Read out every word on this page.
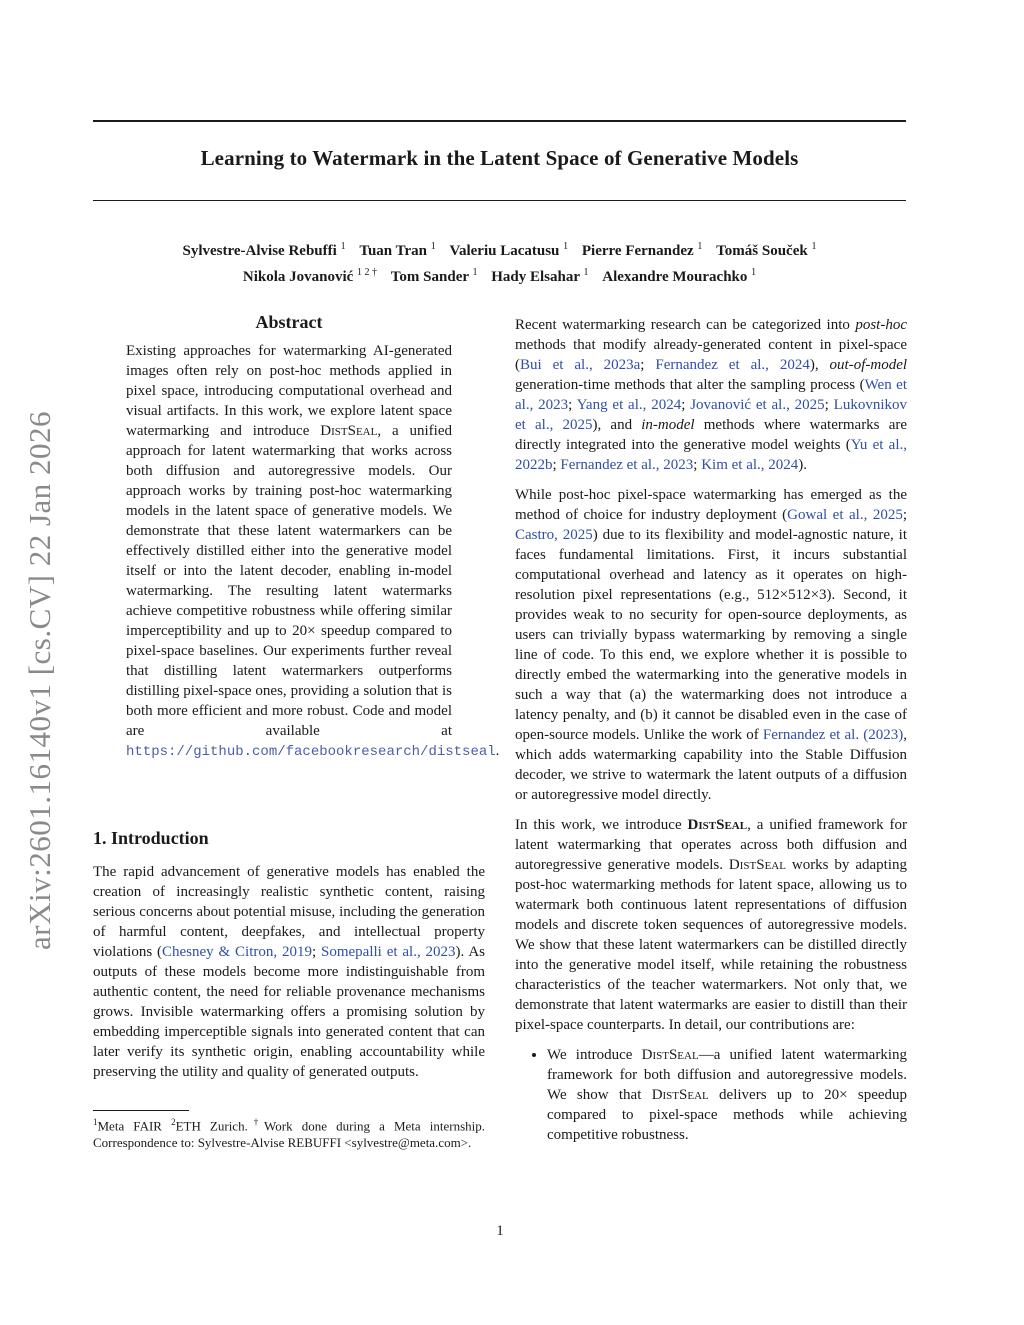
Learning to Watermark in the Latent Space of Generative Models
Sylvestre-Alvise Rebuffi $^1$ Tuan Tran $^1$ Valeriu Lacatusu $^1$ Pierre Fernandez $^1$ Tomáš Souček $^1$
Nikola Jovanović $^{1 2 \dagger}$ Tom Sander $^1$ Hady Elsahar $^1$ Alexandre Mourachko $^1$
arXiv:2601.16140v1 [cs.CV] 22 Jan 2026
Abstract
Existing approaches for watermarking AI-generated images often rely on post-hoc methods applied in pixel space, introducing computational overhead and visual artifacts. In this work, we explore latent space watermarking and introduce DistSeal, a unified approach for latent watermarking that works across both diffusion and autoregressive models. Our approach works by training post-hoc watermarking models in the latent space of generative models. We demonstrate that these latent watermarkers can be effectively distilled either into the generative model itself or into the latent decoder, enabling in-model watermarking. The resulting latent watermarks achieve competitive robustness while offering similar imperceptibility and up to 20× speedup compared to pixel-space baselines. Our experiments further reveal that distilling latent watermarkers outperforms distilling pixel-space ones, providing a solution that is both more efficient and more robust. Code and model are available at https://github.com/facebookresearch/distseal.
1. Introduction
The rapid advancement of generative models has enabled the creation of increasingly realistic synthetic content, raising serious concerns about potential misuse, including the generation of harmful content, deepfakes, and intellectual property violations (Chesney & Citron, 2019; Somepalli et al., 2023). As outputs of these models become more indistinguishable from authentic content, the need for reliable provenance mechanisms grows. Invisible watermarking offers a promising solution by embedding imperceptible signals into generated content that can later verify its synthetic origin, enabling accountability while preserving the utility and quality of generated outputs.
$^1$Meta FAIR $^2$ETH Zurich.†Work done during a Meta internship. Correspondence to: Sylvestre-Alvise REBUFFI <sylvestre@meta.com>.

Recent watermarking research can be categorized into post-hoc methods that modify already-generated content in pixel-space (Bui et al., 2023a; Fernandez et al., 2024), out-of-model generation-time methods that alter the sampling process (Wen et al., 2023; Yang et al., 2024; Jovanović et al., 2025; Lukovnikov et al., 2025), and in-model methods where watermarks are directly integrated into the generative model weights (Yu et al., 2022b; Fernandez et al., 2023; Kim et al., 2024).

While post-hoc pixel-space watermarking has emerged as the method of choice for industry deployment (Gowal et al., 2025; Castro, 2025) due to its flexibility and model-agnostic nature, it faces fundamental limitations. First, it incurs substantial computational overhead and latency as it operates on high-resolution pixel representations (e.g., 512×512×3). Second, it provides weak to no security for open-source deployments, as users can trivially bypass watermarking by removing a single line of code. To this end, we explore whether it is possible to directly embed the watermarking into the generative models in such a way that (a) the watermarking does not introduce a latency penalty, and (b) it cannot be disabled even in the case of open-source models. Unlike the work of Fernandez et al. (2023), which adds watermarking capability into the Stable Diffusion decoder, we strive to watermark the latent outputs of a diffusion or autoregressive model directly.

In this work, we introduce DistSeal, a unified framework for latent watermarking that operates across both diffusion and autoregressive generative models. DistSeal works by adapting post-hoc watermarking methods for latent space, allowing us to watermark both continuous latent representations of diffusion models and discrete token sequences of autoregressive models. We show that these latent watermarkers can be distilled directly into the generative model itself, while retaining the robustness characteristics of the teacher watermarkers. Not only that, we demonstrate that latent watermarks are easier to distill than their pixel-space counterparts. In detail, our contributions are:

• We introduce DistSeal—a unified latent watermarking framework for both diffusion and autoregressive models. We show that DistSeal delivers up to 20× speedup compared to pixel-space methods while achieving competitive robustness.
1
